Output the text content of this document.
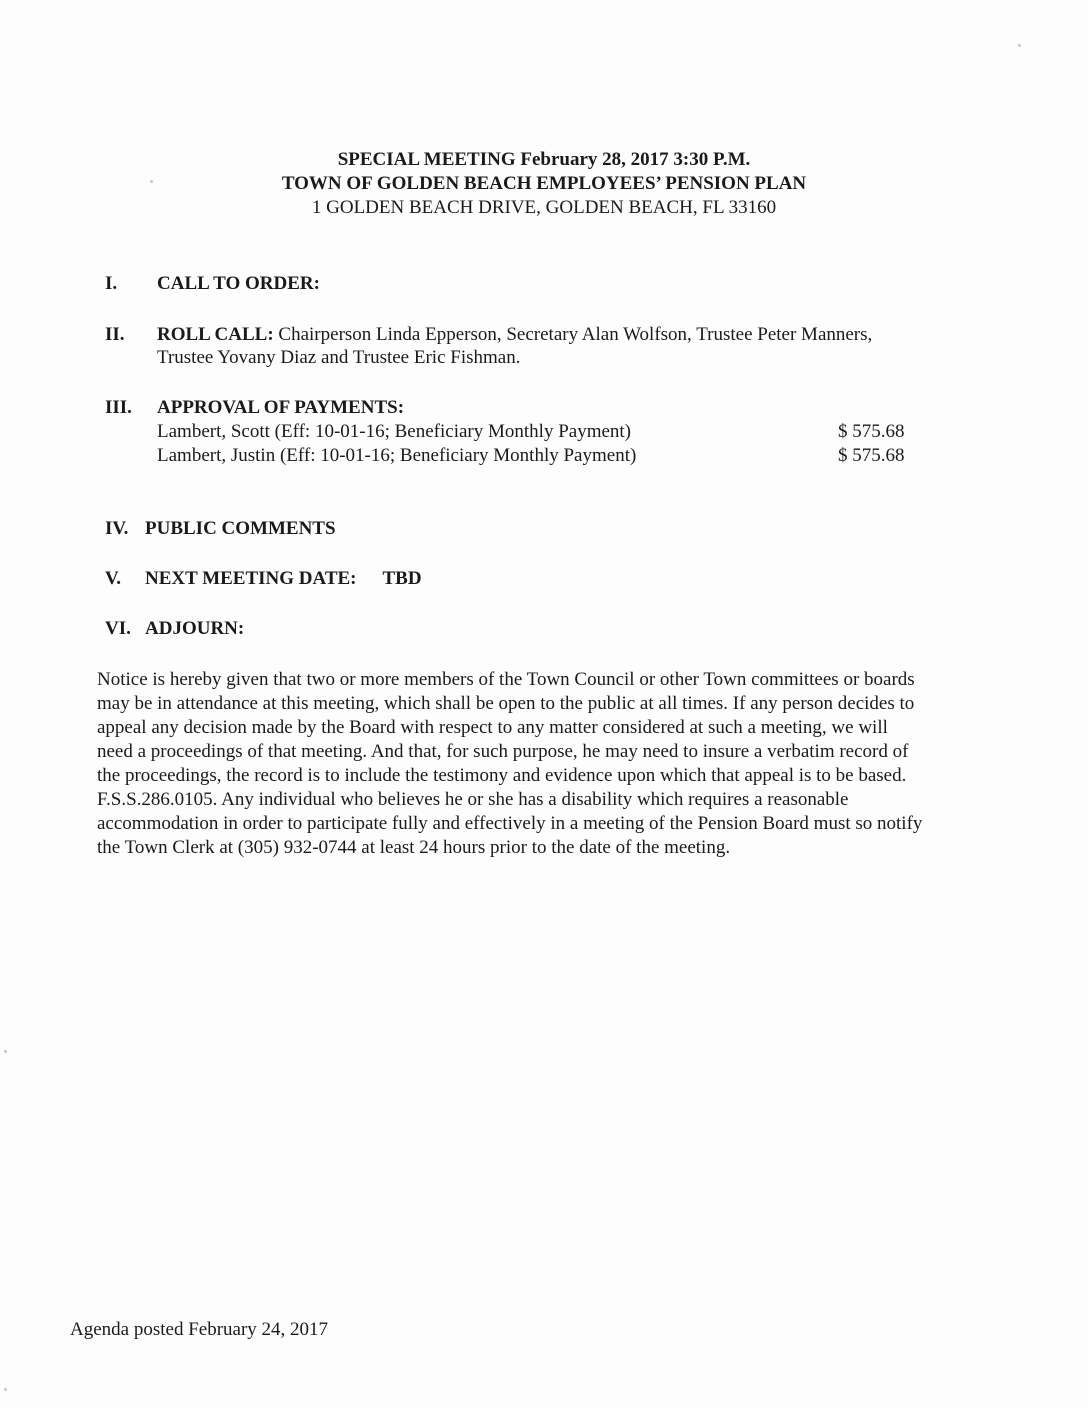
SPECIAL MEETING February 28, 2017 3:30 P.M.
TOWN OF GOLDEN BEACH EMPLOYEES’ PENSION PLAN
1 GOLDEN BEACH DRIVE, GOLDEN BEACH, FL 33160
I. CALL TO ORDER:
II. ROLL CALL: Chairperson Linda Epperson, Secretary Alan Wolfson, Trustee Peter Manners,
Trustee Yovany Diaz and Trustee Eric Fishman.
III. APPROVAL OF PAYMENTS:
Lambert, Scott (Eff: 10-01-16; Beneficiary Monthly Payment)	$ 575.68
Lambert, Justin (Eff: 10-01-16; Beneficiary Monthly Payment)	$ 575.68
IV. PUBLIC COMMENTS
V. NEXT MEETING DATE: TBD
VI. ADJOURN:
Notice is hereby given that two or more members of the Town Council or other Town committees or boards
may be in attendance at this meeting, which shall be open to the public at all times. If any person decides to
appeal any decision made by the Board with respect to any matter considered at such a meeting, we will
need a proceedings of that meeting. And that, for such purpose, he may need to insure a verbatim record of
the proceedings, the record is to include the testimony and evidence upon which that appeal is to be based.
F.S.S.286.0105. Any individual who believes he or she has a disability which requires a reasonable
accommodation in order to participate fully and effectively in a meeting of the Pension Board must so notify
the Town Clerk at (305) 932-0744 at least 24 hours prior to the date of the meeting.
Agenda posted February 24, 2017
